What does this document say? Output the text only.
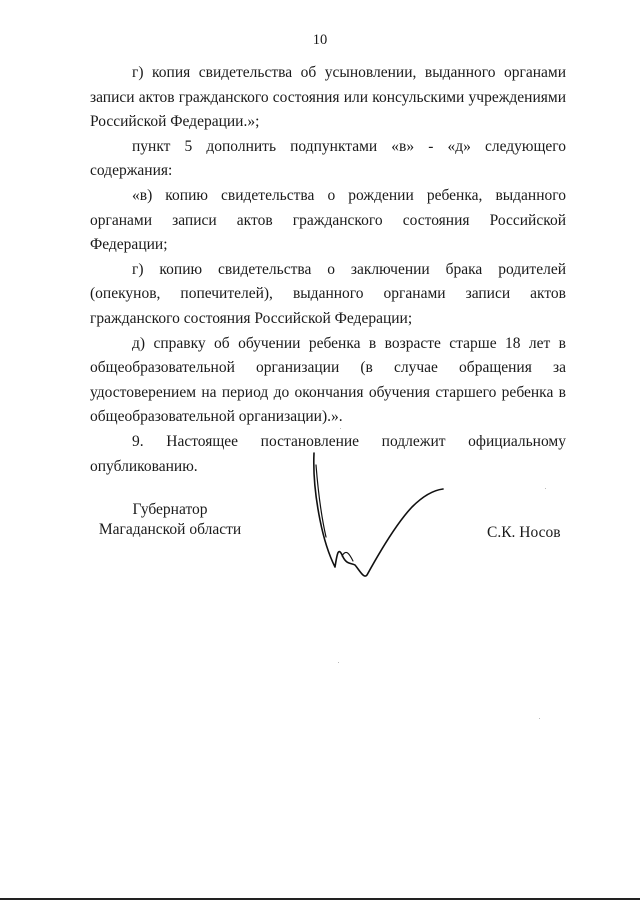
10

г) копия свидетельства об усыновлении, выданного органами записи актов гражданского состояния или консульскими учреждениями Российской Федерации.»;

пункт 5 дополнить подпунктами «в» - «д» следующего содержания:

«в) копию свидетельства о рождении ребенка, выданного органами записи актов гражданского состояния Российской Федерации;

г) копию свидетельства о заключении брака родителей (опекунов, попечителей), выданного органами записи актов гражданского состояния Российской Федерации;

д) справку об обучении ребенка в возрасте старше 18 лет в общеобразовательной организации (в случае обращения за удостоверением на период до окончания обучения старшего ребенка в общеобразовательной организации).».

9. Настоящее постановление подлежит официальному опубликованию.

Губернатор
Магаданской области	С.К. Носов
